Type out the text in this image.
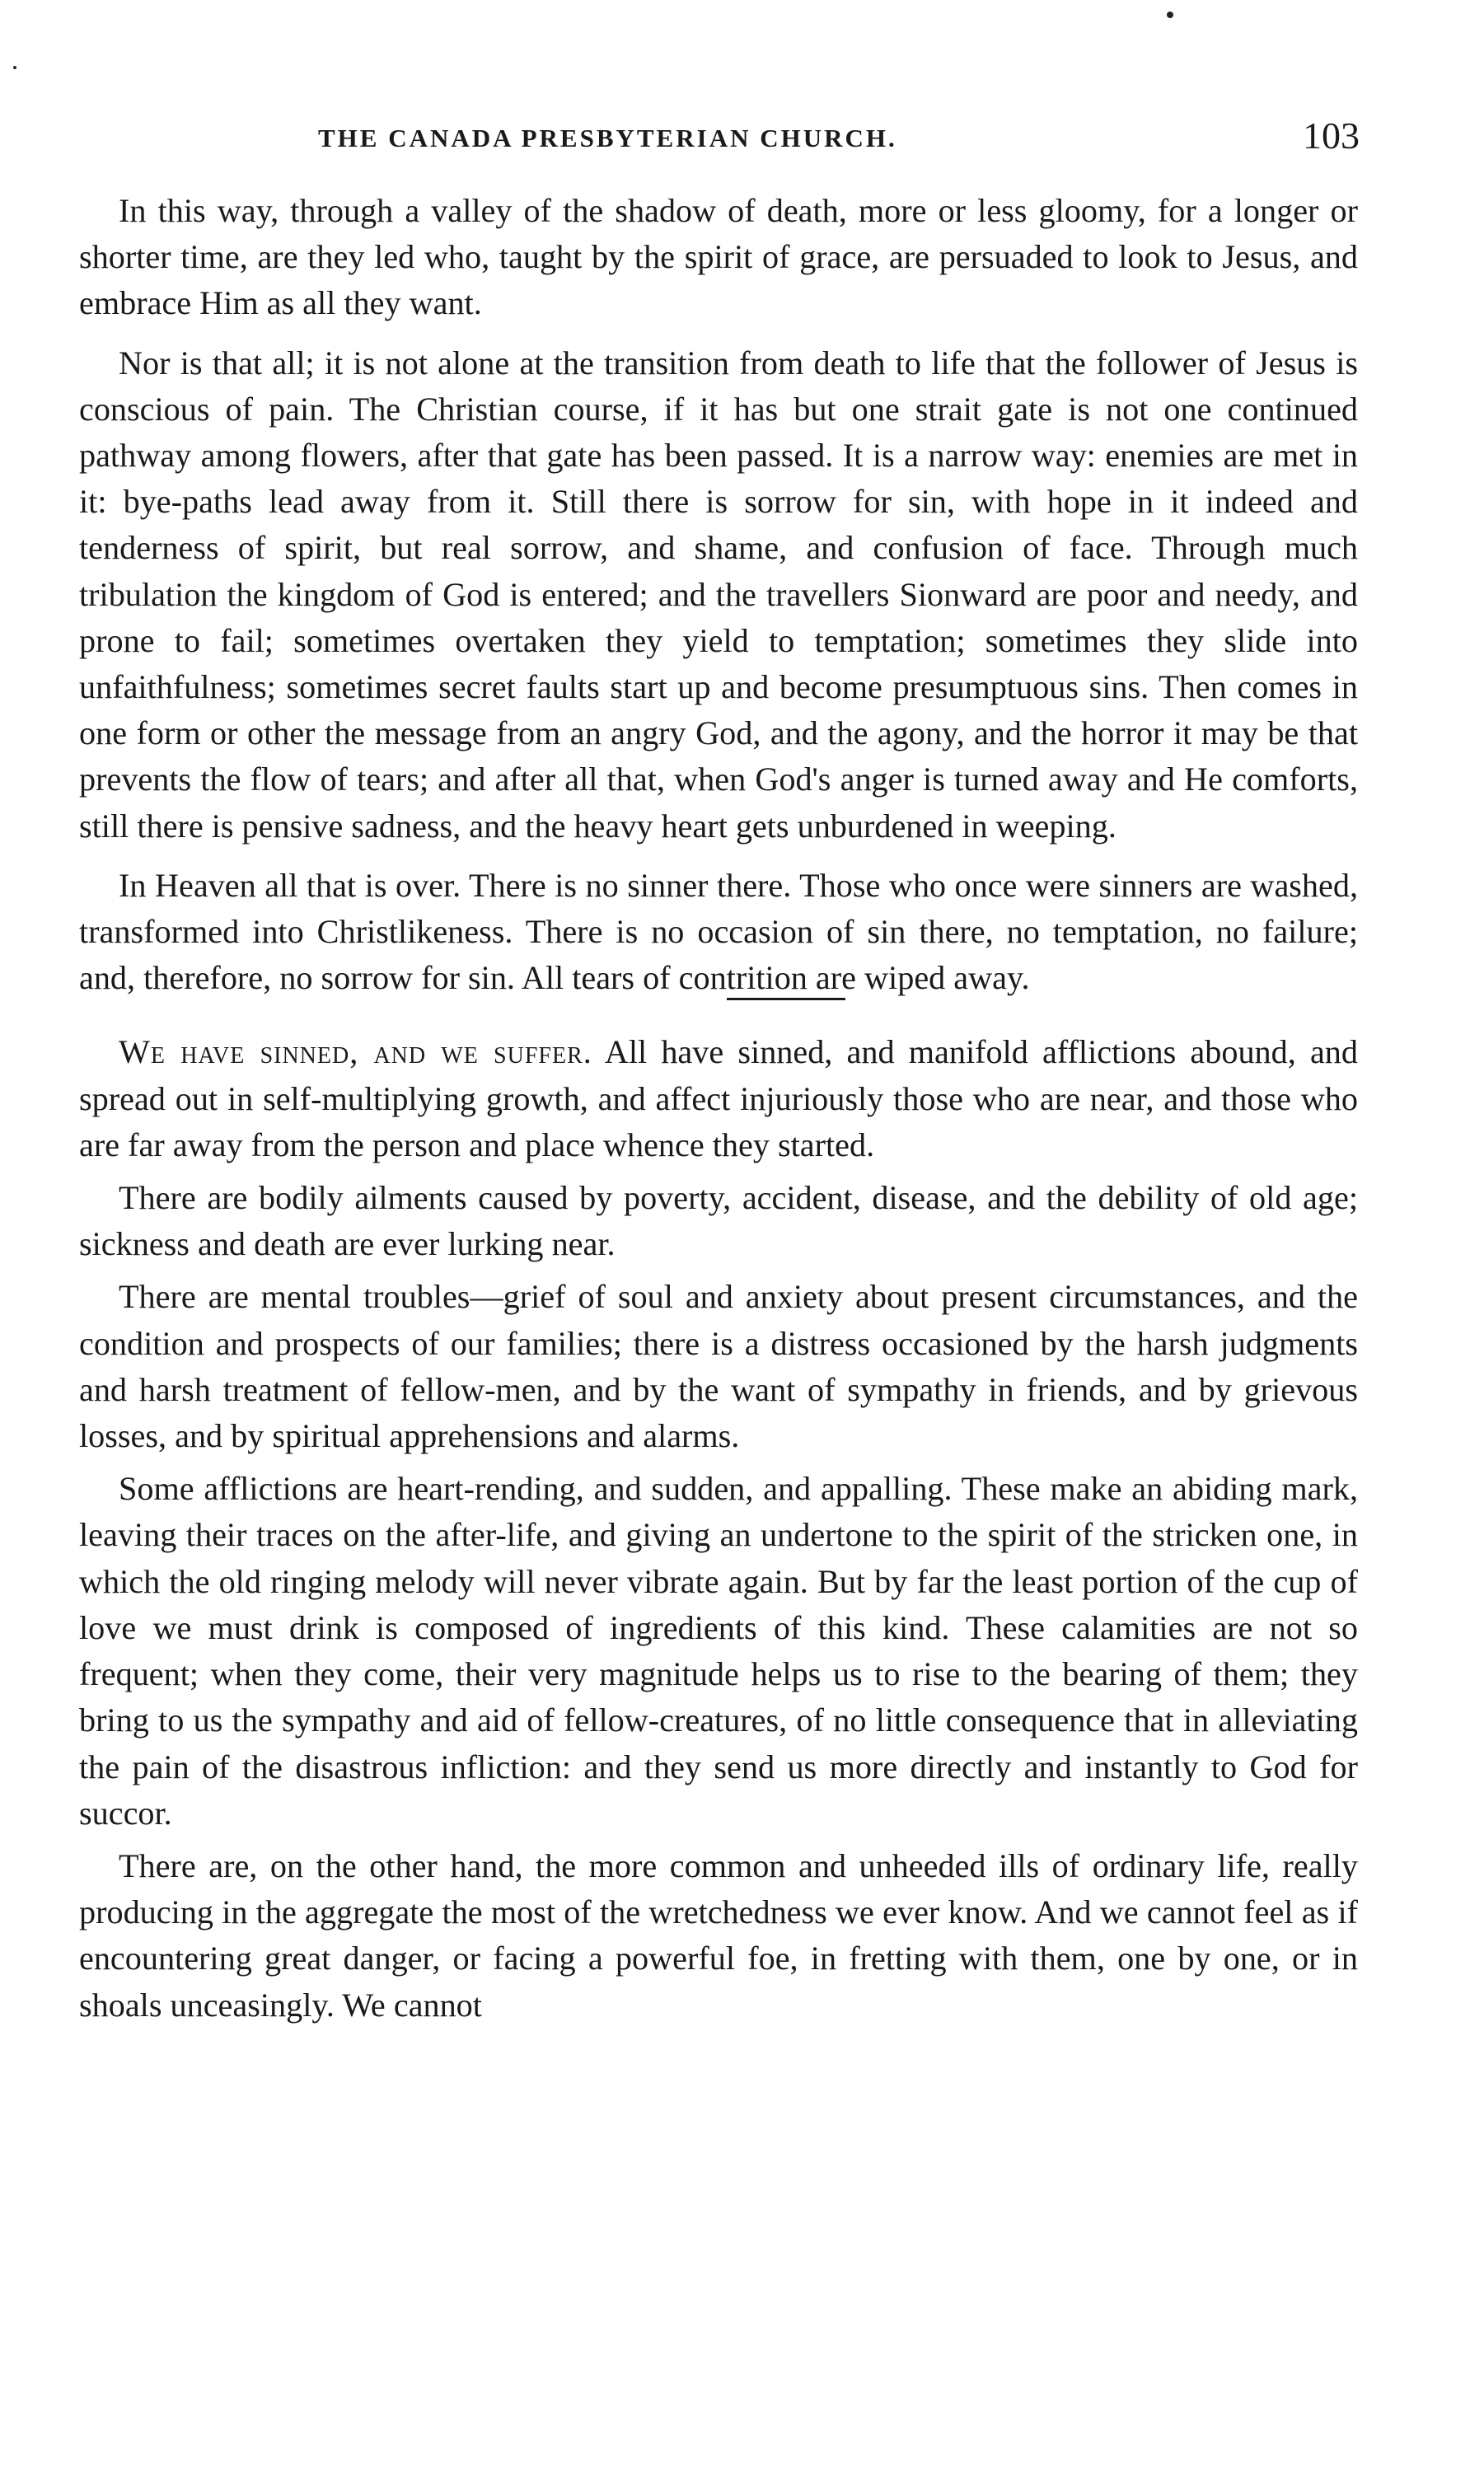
THE CANADA PRESBYTERIAN CHURCH.	103

In this way, through a valley of the shadow of death, more or less gloomy, for a longer or shorter time, are they led who, taught by the spirit of grace, are persuaded to look to Jesus, and embrace Him as all they want.

Nor is that all; it is not alone at the transition from death to life that the follower of Jesus is conscious of pain. The Christian course, if it has but one strait gate is not one continued pathway among flowers, after that gate has been passed. It is a narrow way: enemies are met in it: bye-paths lead away from it. Still there is sorrow for sin, with hope in it indeed and tenderness of spirit, but real sorrow, and shame, and confusion of face. Through much tribulation the kingdom of God is entered; and the travellers Sionward are poor and needy, and prone to fail; sometimes overtaken they yield to temptation; sometimes they slide into unfaithfulness; sometimes secret faults start up and become presumptuous sins. Then comes in one form or other the message from an angry God, and the agony, and the horror it may be that prevents the flow of tears; and after all that, when God's anger is turned away and He comforts, still there is pensive sadness, and the heavy heart gets unburdened in weeping.

In Heaven all that is over. There is no sinner there. Those who once were sinners are washed, transformed into Christlikeness. There is no occasion of sin there, no temptation, no failure; and, therefore, no sorrow for sin. All tears of contrition are wiped away.

We have sinned, and we suffer. All have sinned, and manifold afflictions abound, and spread out in self-multiplying growth, and affect injuriously those who are near, and those who are far away from the person and place whence they started.

There are bodily ailments caused by poverty, accident, disease, and the debility of old age; sickness and death are ever lurking near.

There are mental troubles—grief of soul and anxiety about present circumstances, and the condition and prospects of our families; there is a distress occasioned by the harsh judgments and harsh treatment of fellow-men, and by the want of sympathy in friends, and by grievous losses, and by spiritual apprehensions and alarms.

Some afflictions are heart-rending, and sudden, and appalling. These make an abiding mark, leaving their traces on the after-life, and giving an undertone to the spirit of the stricken one, in which the old ringing melody will never vibrate again. But by far the least portion of the cup of love we must drink is composed of ingredients of this kind. These calamities are not so frequent; when they come, their very magnitude helps us to rise to the bearing of them; they bring to us the sympathy and aid of fellow-creatures, of no little consequence that in alleviating the pain of the disastrous infliction: and they send us more directly and instantly to God for succor.

There are, on the other hand, the more common and unheeded ills of ordinary life, really producing in the aggregate the most of the wretchedness we ever know. And we cannot feel as if encountering great danger, or facing a powerful foe, in fretting with them, one by one, or in shoals unceasingly. We cannot
